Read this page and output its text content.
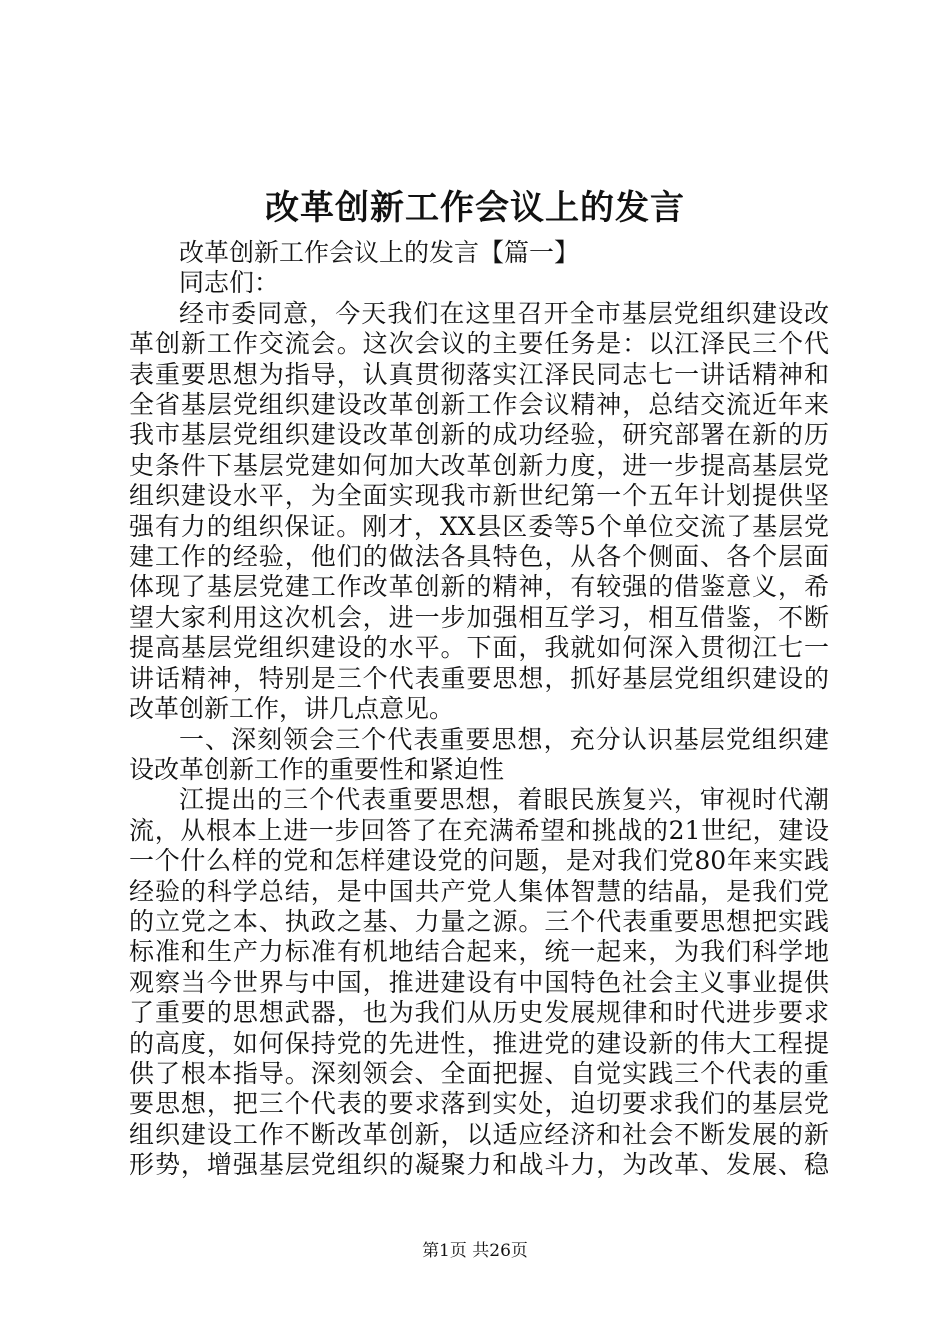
改革创新工作会议上的发言

改革创新工作会议上的发言【篇一】

同志们：

经市委同意，今天我们在这里召开全市基层党组织建设改
革创新工作交流会。这次会议的主要任务是：以江泽民三个代
表重要思想为指导，认真贯彻落实江泽民同志七一讲话精神和
全省基层党组织建设改革创新工作会议精神，总结交流近年来
我市基层党组织建设改革创新的成功经验，研究部署在新的历
史条件下基层党建如何加大改革创新力度，进一步提高基层党
组织建设水平，为全面实现我市新世纪第一个五年计划提供坚
强有力的组织保证。刚才，XX县区委等5个单位交流了基层党
建工作的经验，他们的做法各具特色，从各个侧面、各个层面
体现了基层党建工作改革创新的精神，有较强的借鉴意义，希
望大家利用这次机会，进一步加强相互学习，相互借鉴，不断
提高基层党组织建设的水平。下面，我就如何深入贯彻江七一
讲话精神，特别是三个代表重要思想，抓好基层党组织建设的
改革创新工作，讲几点意见。
一、深刻领会三个代表重要思想，充分认识基层党组织建
设改革创新工作的重要性和紧迫性
江提出的三个代表重要思想，着眼民族复兴，审视时代潮
流，从根本上进一步回答了在充满希望和挑战的21世纪，建设
一个什么样的党和怎样建设党的问题，是对我们党80年来实践
经验的科学总结，是中国共产党人集体智慧的结晶，是我们党
的立党之本、执政之基、力量之源。三个代表重要思想把实践
标准和生产力标准有机地结合起来，统一起来，为我们科学地
观察当今世界与中国，推进建设有中国特色社会主义事业提供
了重要的思想武器，也为我们从历史发展规律和时代进步要求
的高度，如何保持党的先进性，推进党的建设新的伟大工程提
供了根本指导。深刻领会、全面把握、自觉实践三个代表的重
要思想，把三个代表的要求落到实处，迫切要求我们的基层党
组织建设工作不断改革创新，以适应经济和社会不断发展的新
形势，增强基层党组织的凝聚力和战斗力，为改革、发展、稳
第1页 共26页
